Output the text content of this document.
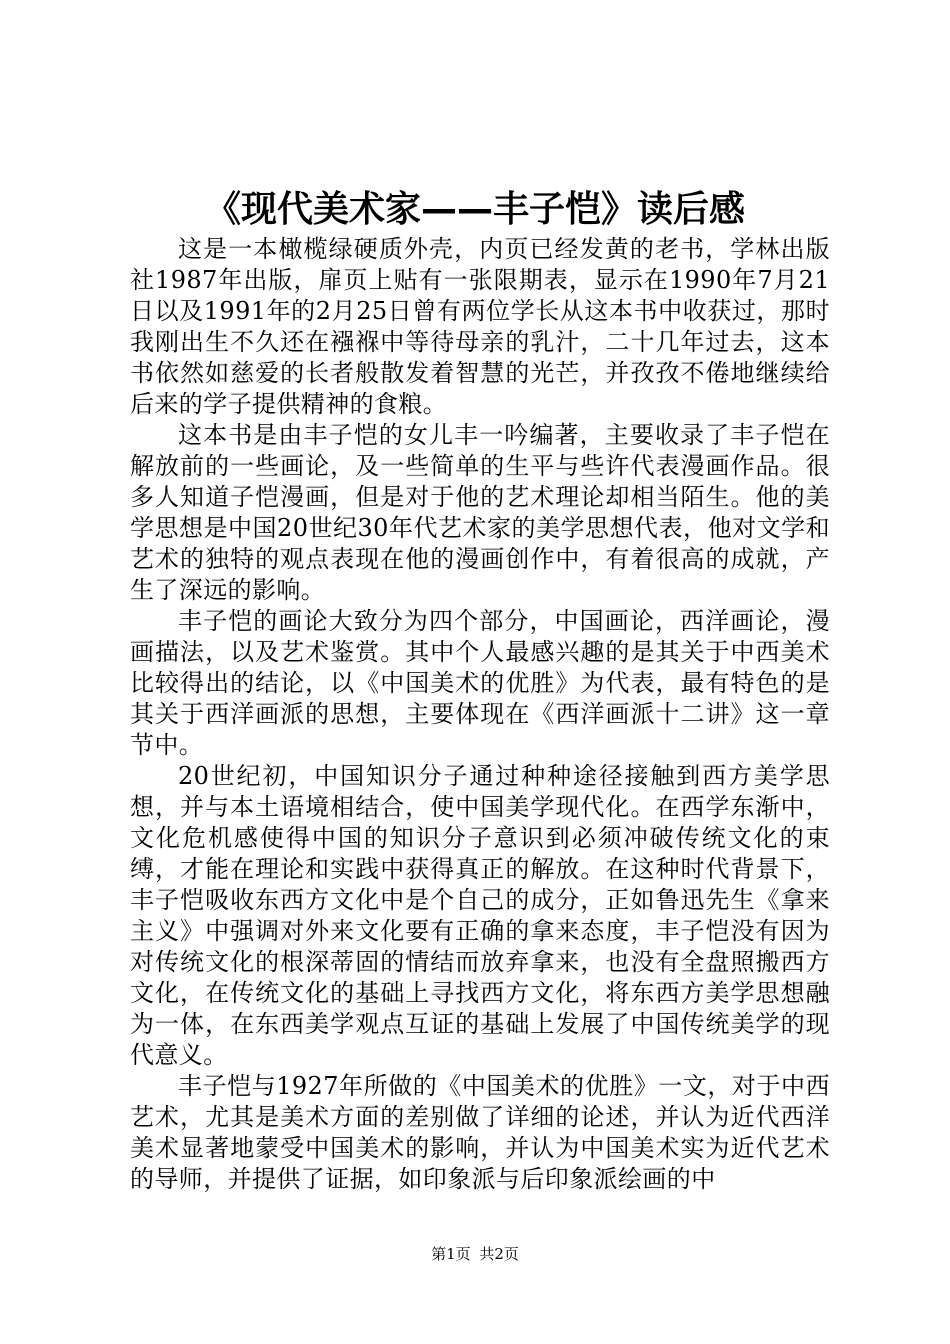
《现代美术家——丰子恺》读后感

这是一本橄榄绿硬质外壳，内页已经发黄的老书，学林出版社1987年出版，扉页上贴有一张限期表，显示在1990年7月21日以及1991年的2月25日曾有两位学长从这本书中收获过，那时我刚出生不久还在襁褓中等待母亲的乳汁，二十几年过去，这本书依然如慈爱的长者般散发着智慧的光芒，并孜孜不倦地继续给后来的学子提供精神的食粮。

这本书是由丰子恺的女儿丰一吟编著，主要收录了丰子恺在解放前的一些画论，及一些简单的生平与些许代表漫画作品。很多人知道子恺漫画，但是对于他的艺术理论却相当陌生。他的美学思想是中国20世纪30年代艺术家的美学思想代表，他对文学和艺术的独特的观点表现在他的漫画创作中，有着很高的成就，产生了深远的影响。

丰子恺的画论大致分为四个部分，中国画论，西洋画论，漫画描法，以及艺术鉴赏。其中个人最感兴趣的是其关于中西美术比较得出的结论，以《中国美术的优胜》为代表，最有特色的是其关于西洋画派的思想，主要体现在《西洋画派十二讲》这一章节中。

20世纪初，中国知识分子通过种种途径接触到西方美学思想，并与本土语境相结合，使中国美学现代化。在西学东渐中，文化危机感使得中国的知识分子意识到必须冲破传统文化的束缚，才能在理论和实践中获得真正的解放。在这种时代背景下，丰子恺吸收东西方文化中是个自己的成分，正如鲁迅先生《拿来主义》中强调对外来文化要有正确的拿来态度，丰子恺没有因为对传统文化的根深蒂固的情结而放弃拿来，也没有全盘照搬西方文化，在传统文化的基础上寻找西方文化，将东西方美学思想融为一体，在东西美学观点互证的基础上发展了中国传统美学的现代意义。

丰子恺与1927年所做的《中国美术的优胜》一文，对于中西艺术，尤其是美术方面的差别做了详细的论述，并认为近代西洋美术显著地蒙受中国美术的影响，并认为中国美术实为近代艺术的导师，并提供了证据，如印象派与后印象派绘画的中

第1页 共2页
